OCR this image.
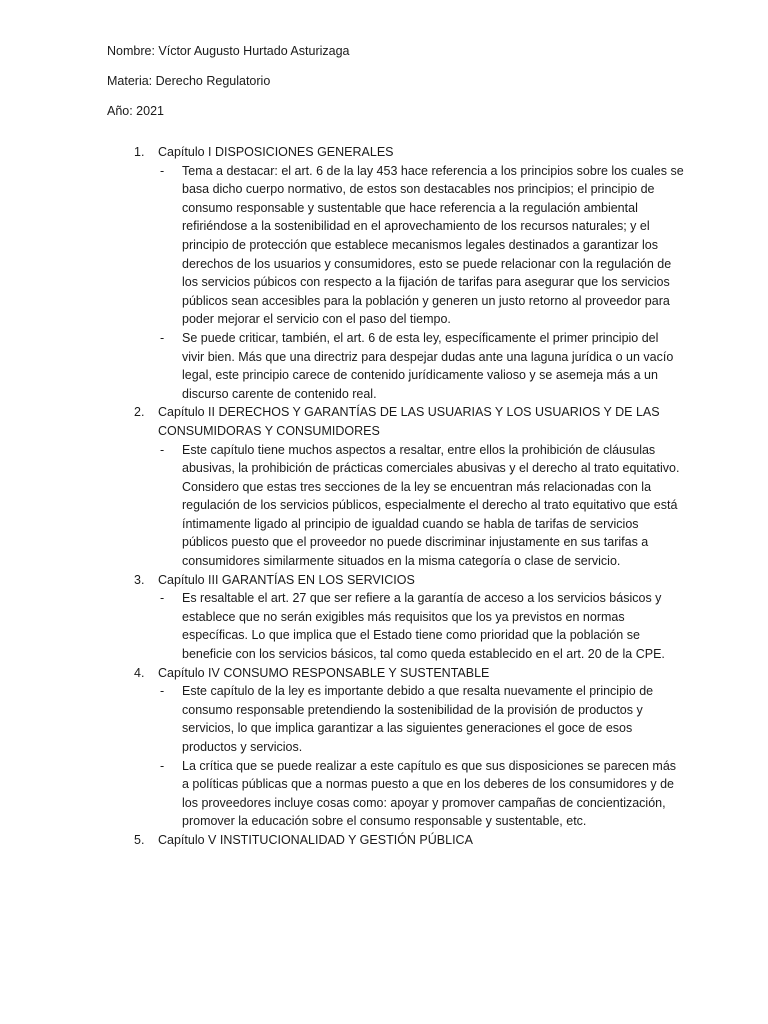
Nombre: Víctor Augusto Hurtado Asturizaga
Materia: Derecho Regulatorio
Año: 2021
1. Capítulo I DISPOSICIONES GENERALES
- Tema a destacar: el art. 6 de la lay 453 hace referencia a los principios sobre los cuales se basa dicho cuerpo normativo, de estos son destacables nos principios; el principio de consumo responsable y sustentable que hace referencia a la regulación ambiental refiriéndose a la sostenibilidad en el aprovechamiento de los recursos naturales; y el principio de protección que establece mecanismos legales destinados a garantizar los derechos de los usuarios y consumidores, esto se puede relacionar con la regulación de los servicios púbicos con respecto a la fijación de tarifas para asegurar que los servicios públicos sean accesibles para la población y generen un justo retorno al proveedor para poder mejorar el servicio con el paso del tiempo.
- Se puede criticar, también, el art. 6 de esta ley, específicamente el primer principio del vivir bien. Más que una directriz para despejar dudas ante una laguna jurídica o un vacío legal, este principio carece de contenido jurídicamente valioso y se asemeja más a un discurso carente de contenido real.
2. Capítulo II DERECHOS Y GARANTÍAS DE LAS USUARIAS Y LOS USUARIOS Y DE LAS CONSUMIDORAS Y CONSUMIDORES
- Este capítulo tiene muchos aspectos a resaltar, entre ellos la prohibición de cláusulas abusivas, la prohibición de prácticas comerciales abusivas y el derecho al trato equitativo. Considero que estas tres secciones de la ley se encuentran más relacionadas con la regulación de los servicios públicos, especialmente el derecho al trato equitativo que está íntimamente ligado al principio de igualdad cuando se habla de tarifas de servicios públicos puesto que el proveedor no puede discriminar injustamente en sus tarifas a consumidores similarmente situados en la misma categoría o clase de servicio.
3. Capítulo III GARANTÍAS EN LOS SERVICIOS
- Es resaltable el art. 27 que ser refiere a la garantía de acceso a los servicios básicos y establece que no serán exigibles más requisitos que los ya previstos en normas específicas. Lo que implica que el Estado tiene como prioridad que la población se beneficie con los servicios básicos, tal como queda establecido en el art. 20 de la CPE.
4. Capítulo IV CONSUMO RESPONSABLE Y SUSTENTABLE
- Este capítulo de la ley es importante debido a que resalta nuevamente el principio de consumo responsable pretendiendo la sostenibilidad de la provisión de productos y servicios, lo que implica garantizar a las siguientes generaciones el goce de esos productos y servicios.
- La crítica que se puede realizar a este capítulo es que sus disposiciones se parecen más a políticas públicas que a normas puesto a que en los deberes de los consumidores y de los proveedores incluye cosas como: apoyar y promover campañas de concientización, promover la educación sobre el consumo responsable y sustentable, etc.
5. Capítulo V INSTITUCIONALIDAD Y GESTIÓN PÚBLICA
